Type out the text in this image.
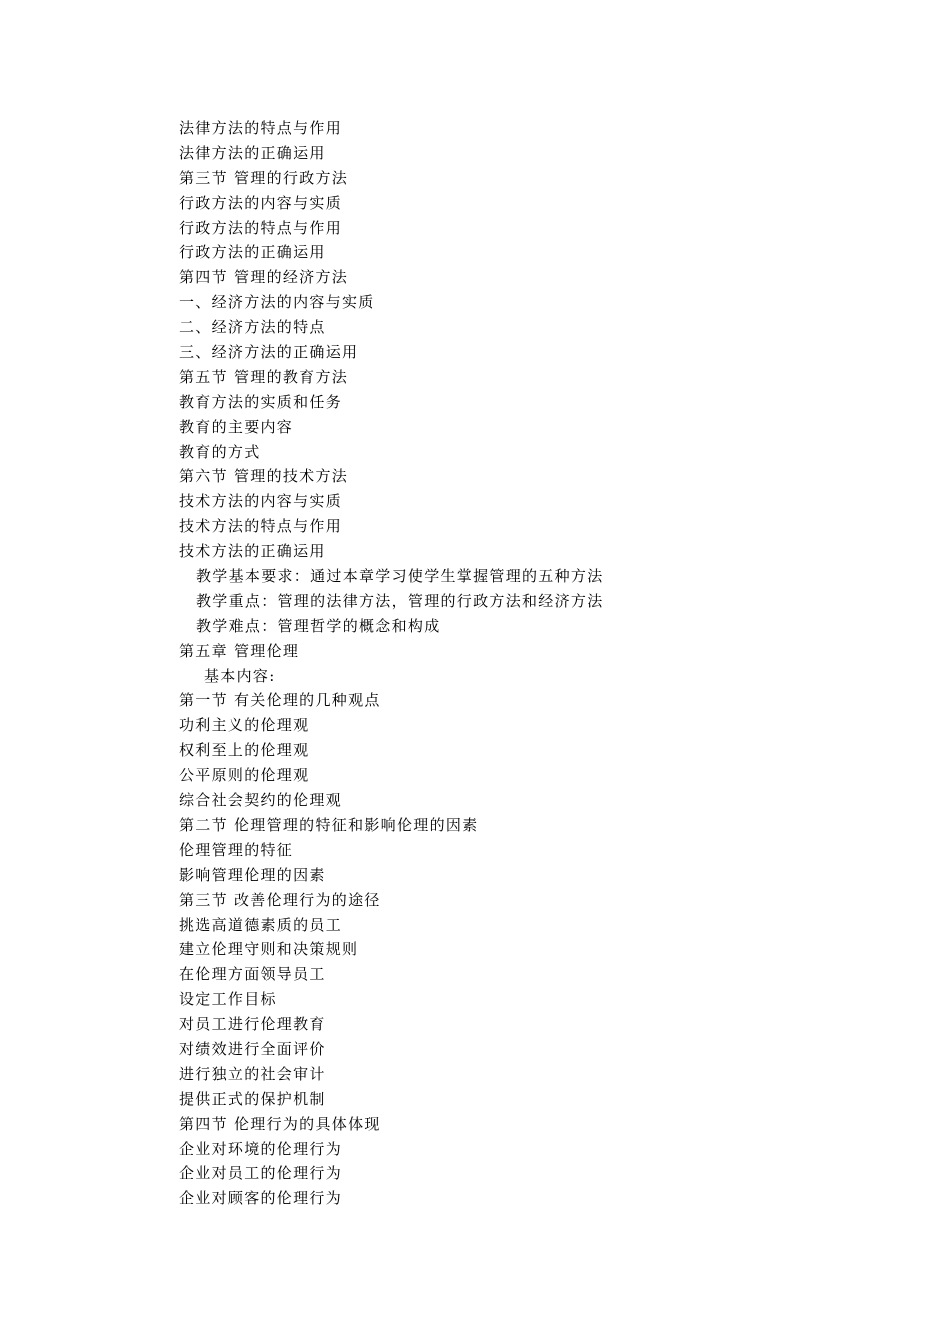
法律方法的特点与作用
法律方法的正确运用
第三节 管理的行政方法
行政方法的内容与实质
行政方法的特点与作用
行政方法的正确运用
第四节 管理的经济方法
一、经济方法的内容与实质
二、经济方法的特点
三、经济方法的正确运用
第五节 管理的教育方法
教育方法的实质和任务
教育的主要内容
教育的方式
第六节 管理的技术方法
技术方法的内容与实质
技术方法的特点与作用
技术方法的正确运用
教学基本要求：通过本章学习使学生掌握管理的五种方法
教学重点：管理的法律方法，管理的行政方法和经济方法
教学难点：管理哲学的概念和构成
第五章 管理伦理
基本内容:
第一节 有关伦理的几种观点
功利主义的伦理观
权利至上的伦理观
公平原则的伦理观
综合社会契约的伦理观
第二节 伦理管理的特征和影响伦理的因素
伦理管理的特征
影响管理伦理的因素
第三节 改善伦理行为的途径
挑选高道德素质的员工
建立伦理守则和决策规则
在伦理方面领导员工
设定工作目标
对员工进行伦理教育
对绩效进行全面评价
进行独立的社会审计
提供正式的保护机制
第四节 伦理行为的具体体现
企业对环境的伦理行为
企业对员工的伦理行为
企业对顾客的伦理行为
